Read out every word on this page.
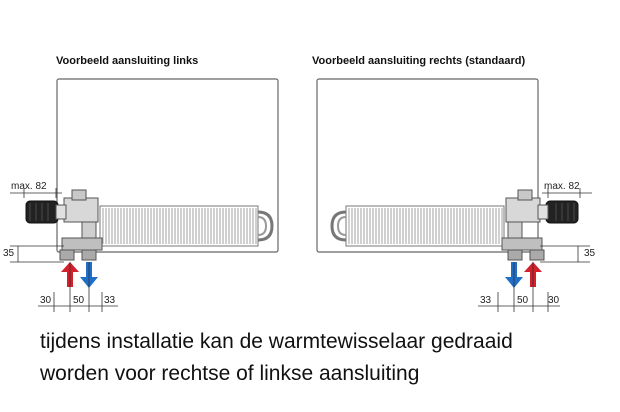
Voorbeeld aansluiting links
max. 82
35
30 50 33
Voorbeeld aansluiting rechts (standaard)
max. 82
35
33	50 30
tijdens installatie kan de warmtewisselaar gedraaid
worden voor rechtse of linkse aansluiting
